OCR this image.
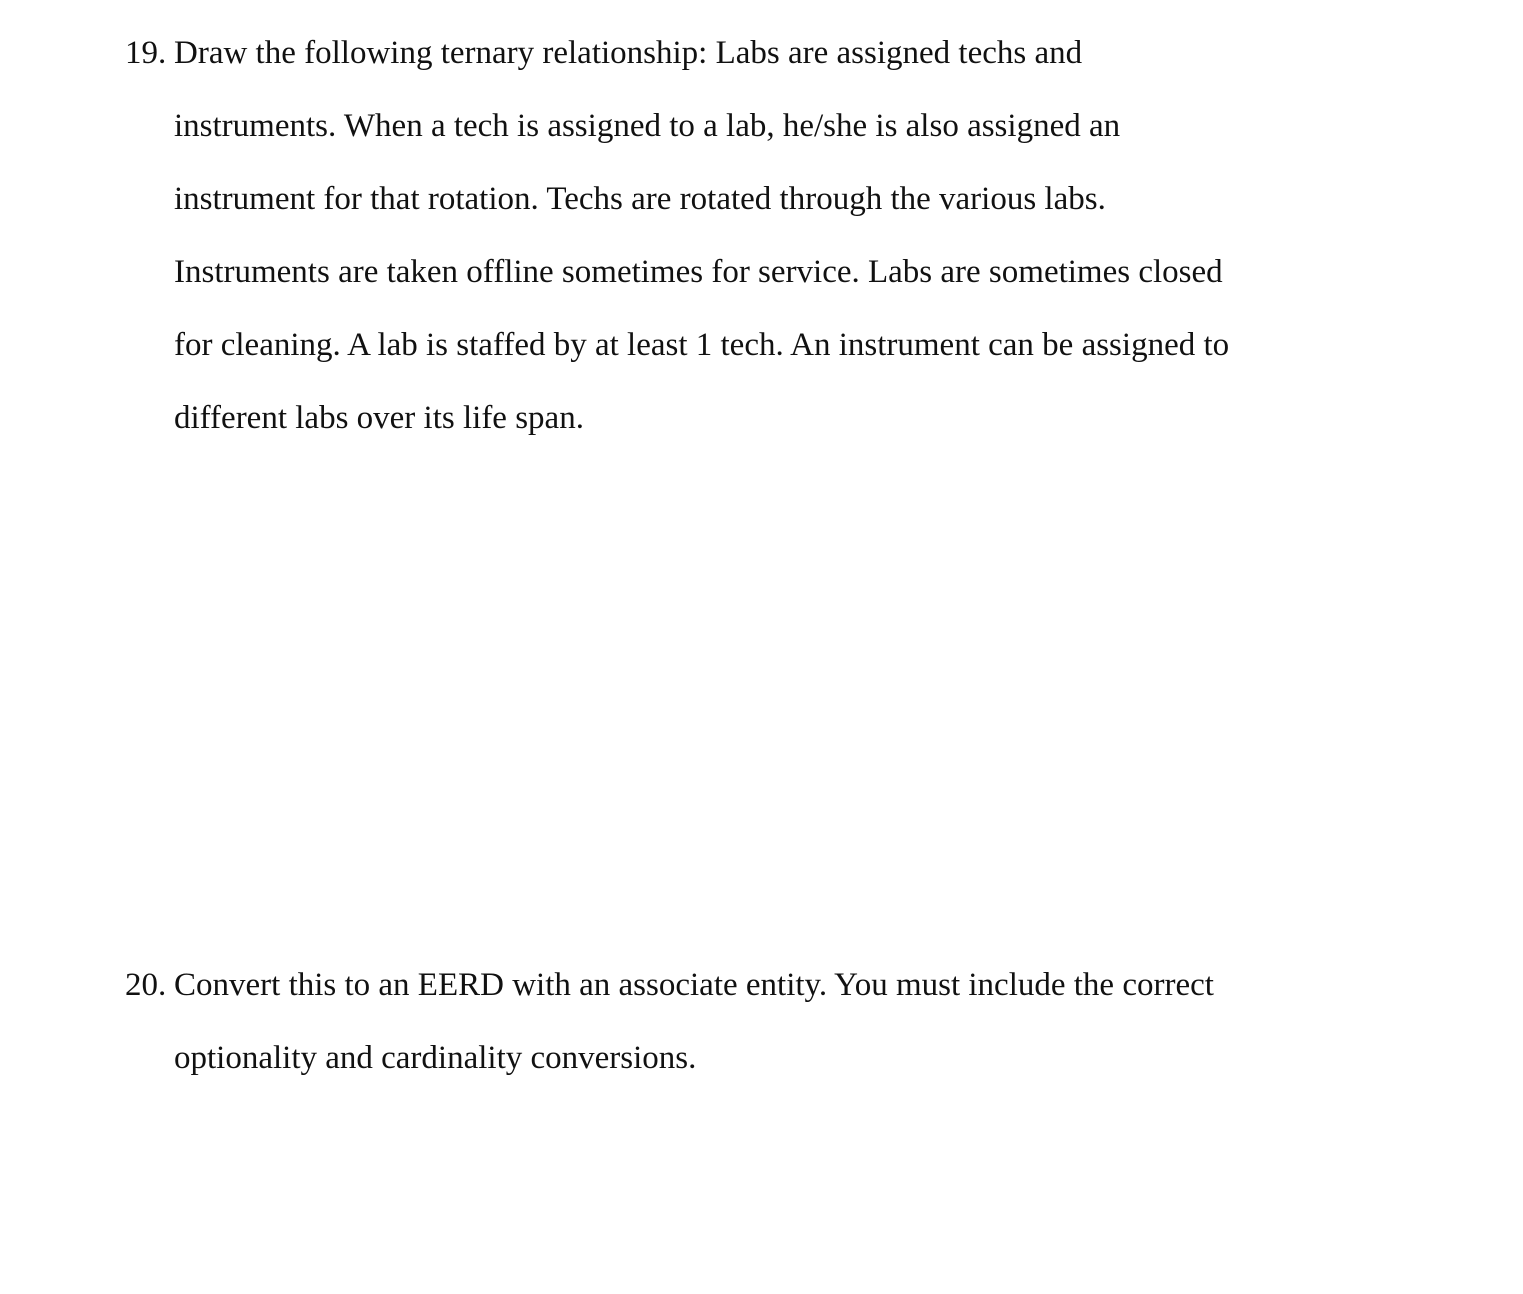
19. Draw the following ternary relationship: Labs are assigned techs and
instruments. When a tech is assigned to a lab, he/she is also assigned an
instrument for that rotation. Techs are rotated through the various labs.
Instruments are taken offline sometimes for service. Labs are sometimes closed
for cleaning. A lab is staffed by at least 1 tech. An instrument can be assigned to
different labs over its life span.
20. Convert this to an EERD with an associate entity. You must include the correct
optionality and cardinality conversions.
